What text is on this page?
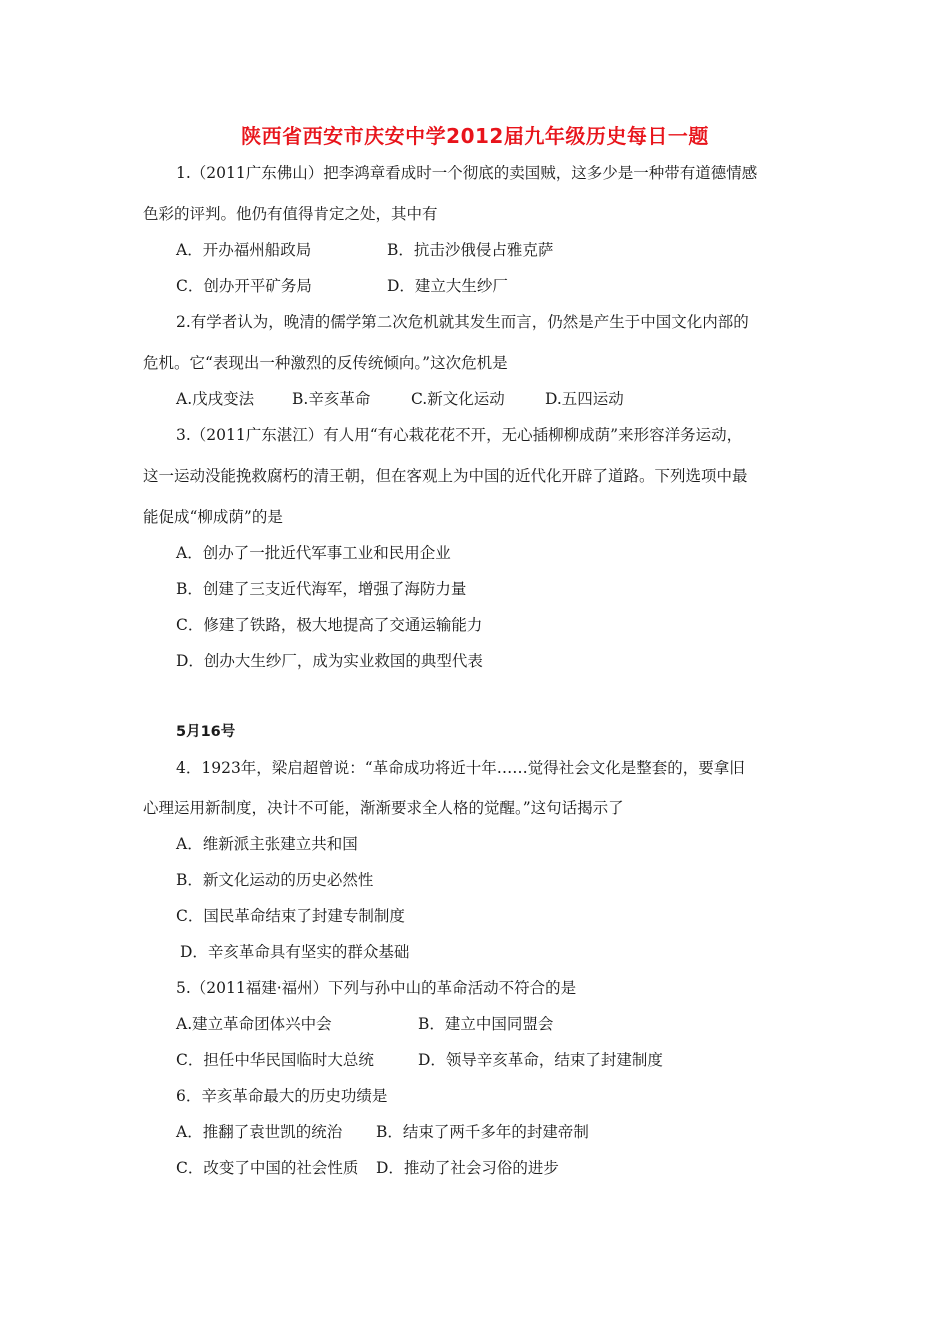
陕西省西安市庆安中学2012届九年级历史每日一题
1.（2011广东佛山）把李鸿章看成时一个彻底的卖国贼，这多少是一种带有道德情感
色彩的评判。他仍有值得肯定之处，其中有
A．开办福州船政局	B．抗击沙俄侵占雅克萨
C．创办开平矿务局	D．建立大生纱厂
2.有学者认为，晚清的儒学第二次危机就其发生而言，仍然是产生于中国文化内部的
危机。它“表现出一种激烈的反传统倾向。”这次危机是
A.戊戌变法 B.辛亥革命	C.新文化运动	D.五四运动
3.（2011广东湛江）有人用“有心栽花花不开，无心插柳柳成荫”来形容洋务运动，
这一运动没能挽救腐朽的清王朝，但在客观上为中国的近代化开辟了道路。下列选项中最
能促成“柳成荫”的是
A．创办了一批近代军事工业和民用企业
B．创建了三支近代海军，增强了海防力量
C．修建了铁路，极大地提高了交通运输能力
D．创办大生纱厂，成为实业救国的典型代表
5月16号
4．1923年，梁启超曾说：“革命成功将近十年……觉得社会文化是整套的，要拿旧
心理运用新制度，决计不可能，渐渐要求全人格的觉醒。”这句话揭示了
A．维新派主张建立共和国
B．新文化运动的历史必然性
C．国民革命结束了封建专制制度
D．辛亥革命具有坚实的群众基础
5.（2011福建·福州）下列与孙中山的革命活动不符合的是
A.建立革命团体兴中会	B．建立中国同盟会
C．担任中华民国临时大总统	D．领导辛亥革命，结束了封建制度
6．辛亥革命最大的历史功绩是
A．推翻了袁世凯的统治 B．结束了两千多年的封建帝制
C．改变了中国的社会性质 D．推动了社会习俗的进步
